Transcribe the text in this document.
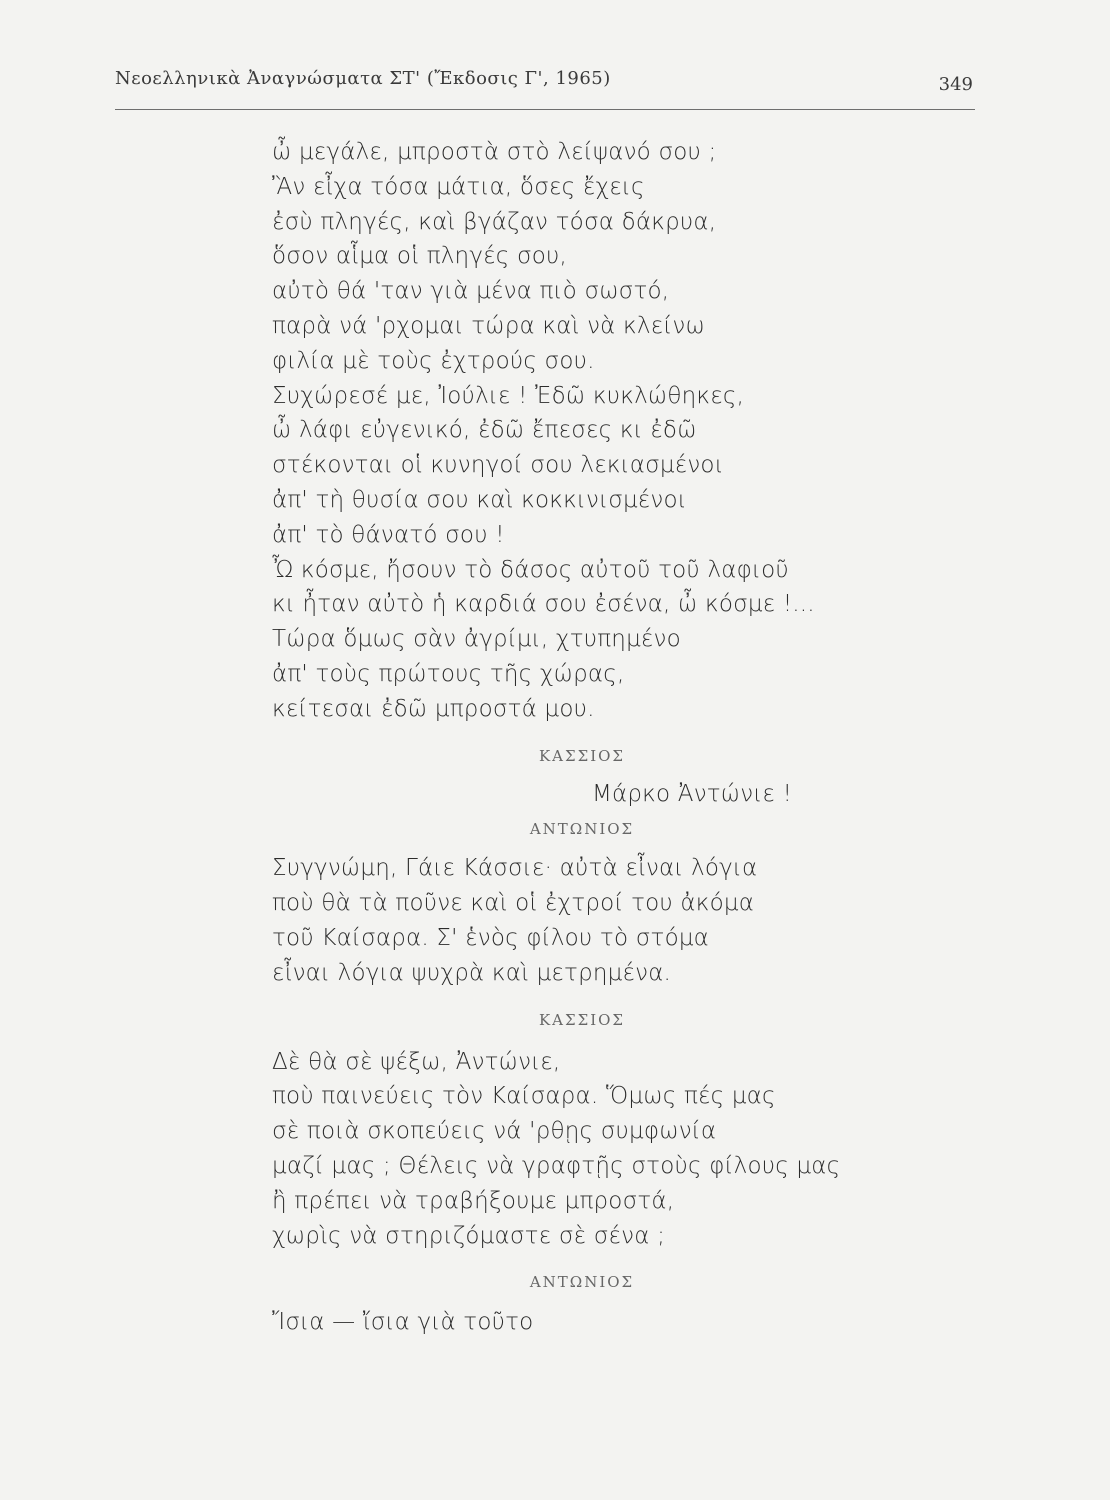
Νεοελληνικὰ Ἀναγνώσματα ΣΤ' (Ἔκδοσις Γ', 1965)	349
ὦ μεγάλε, μπροστὰ στὸ λείψανό σου ;
Ἂν εἶχα τόσα μάτια, ὅσες ἔχεις
ἐσὺ πληγές, καὶ βγάζαν τόσα δάκρυα,
ὅσον αἷμα οἱ πληγές σου,
αὐτὸ θά 'ταν γιὰ μένα πιὸ σωστό,
παρὰ νά 'ρχομαι τώρα καὶ νὰ κλείνω
φιλία μὲ τοὺς ἐχτρούς σου.
Συχώρεσέ με, Ἰούλιε ! Ἐδῶ κυκλώθηκες,
ὦ λάφι εὐγενικό, ἐδῶ ἔπεσες κι ἐδῶ
στέκονται οἱ κυνηγοί σου λεκιασμένοι
ἀπ' τὴ θυσία σου καὶ κοκκινισμένοι
ἀπ' τὸ θάνατό σου !
Ὦ κόσμε, ἤσουν τὸ δάσος αὐτοῦ τοῦ λαφιοῦ
κι ἦταν αὐτὸ ἡ καρδιά σου ἐσένα, ὦ κόσμε !...
Τώρα ὅμως σὰν ἀγρίμι, χτυπημένο
ἀπ' τοὺς πρώτους τῆς χώρας,
κείτεσαι ἐδῶ μπροστά μου.
ΚΑΣΣΙΟΣ
Μάρκο Ἀντώνιε !
ΑΝΤΩΝΙΟΣ
Συγγνώμη, Γάιε Κάσσιε· αὐτὰ εἶναι λόγια
ποὺ θὰ τὰ ποῦνε καὶ οἱ ἐχτροί του ἀκόμα
τοῦ Καίσαρα. Σ' ἑνὸς φίλου τὸ στόμα
εἶναι λόγια ψυχρὰ καὶ μετρημένα.
ΚΑΣΣΙΟΣ
Δὲ θὰ σὲ ψέξω, Ἀντώνιε,
ποὺ παινεύεις τὸν Καίσαρα. Ὅμως πές μας
σὲ ποιὰ σκοπεύεις νά 'ρθῃς συμφωνία
μαζί μας ; Θέλεις νὰ γραφτῇς στοὺς φίλους μας
ἢ πρέπει νὰ τραβήξουμε μπροστά,
χωρὶς νὰ στηριζόμαστε σὲ σένα ;
ΑΝΤΩΝΙΟΣ
Ἴσια — ἴσια γιὰ τοῦτο
